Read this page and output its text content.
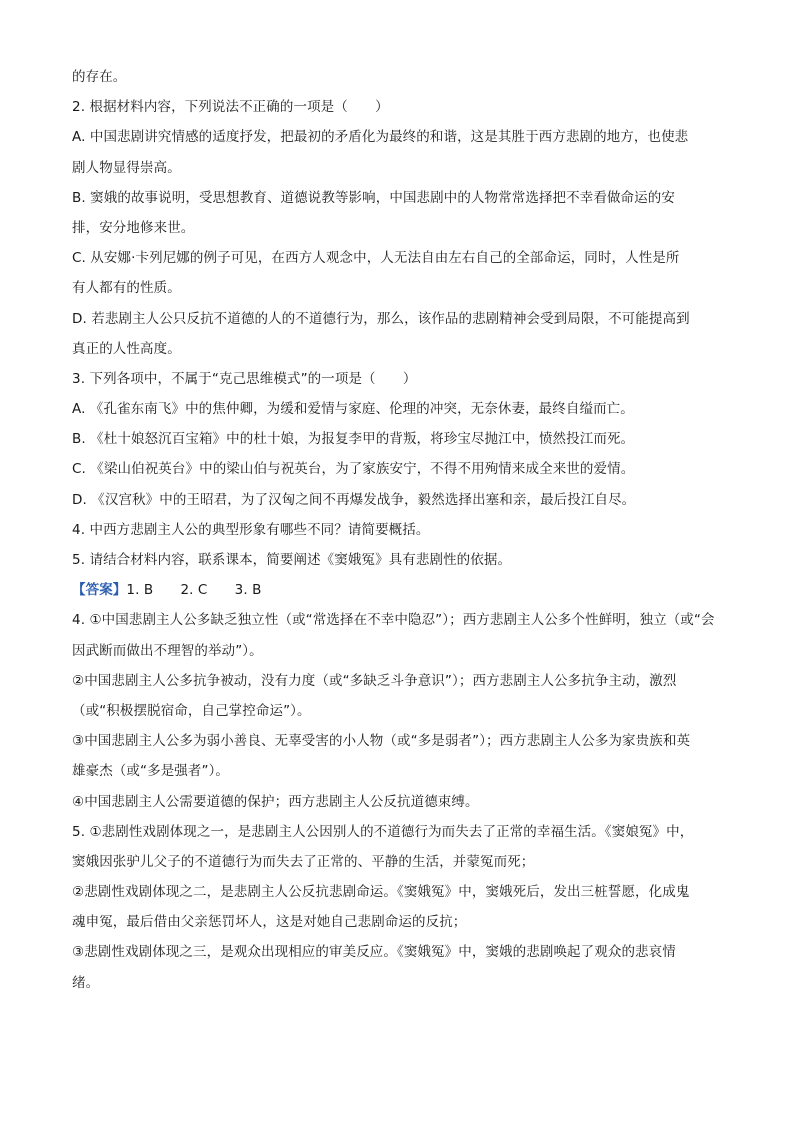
的存在。
2. 根据材料内容，下列说法不正确的一项是（　　）
A. 中国悲剧讲究情感的适度抒发，把最初的矛盾化为最终的和谐，这是其胜于西方悲剧的地方，也使悲
剧人物显得崇高。
B. 窦娥的故事说明，受思想教育、道德说教等影响，中国悲剧中的人物常常选择把不幸看做命运的安
排，安分地修来世。
C. 从安娜·卡列尼娜的例子可见，在西方人观念中，人无法自由左右自己的全部命运，同时，人性是所
有人都有的性质。
D. 若悲剧主人公只反抗不道德的人的不道德行为，那么，该作品的悲剧精神会受到局限，不可能提高到
真正的人性高度。
3. 下列各项中，不属于“克己思维模式”的一项是（　　）
A. 《孔雀东南飞》中的焦仲卿，为缓和爱情与家庭、伦理的冲突，无奈休妻，最终自缢而亡。
B. 《杜十娘怒沉百宝箱》中的杜十娘，为报复李甲的背叛，将珍宝尽抛江中，愤然投江而死。
C. 《梁山伯祝英台》中的梁山伯与祝英台，为了家族安宁，不得不用殉情来成全来世的爱情。
D. 《汉宫秋》中的王昭君，为了汉匈之间不再爆发战争，毅然选择出塞和亲，最后投江自尽。
4. 中西方悲剧主人公的典型形象有哪些不同？请简要概括。
5. 请结合材料内容，联系课本，简要阐述《窦娥冤》具有悲剧性的依据。
【答案】1. B　　2. C　　3. B
4. ①中国悲剧主人公多缺乏独立性（或“常选择在不幸中隐忍”）；西方悲剧主人公多个性鲜明，独立（或“会
因武断而做出不理智的举动”）。
②中国悲剧主人公多抗争被动，没有力度（或“多缺乏斗争意识”）；西方悲剧主人公多抗争主动，激烈
（或“积极摆脱宿命，自己掌控命运”）。
③中国悲剧主人公多为弱小善良、无辜受害的小人物（或“多是弱者”）；西方悲剧主人公多为家贵族和英
雄豪杰（或“多是强者”）。
④中国悲剧主人公需要道德的保护；西方悲剧主人公反抗道德束缚。
5. ①悲剧性戏剧体现之一，是悲剧主人公因别人的不道德行为而失去了正常的幸福生活。《窦娘冤》中，
窦娥因张驴儿父子的不道德行为而失去了正常的、平静的生活，并蒙冤而死；
②悲剧性戏剧体现之二，是悲剧主人公反抗悲剧命运。《窦娥冤》中，窦娥死后，发出三桩誓愿，化成鬼
魂申冤，最后借由父亲惩罚坏人，这是对她自己悲剧命运的反抗；
③悲剧性戏剧体现之三，是观众出现相应的审美反应。《窦娥冤》中，窦娥的悲剧唤起了观众的悲哀情
绪。
